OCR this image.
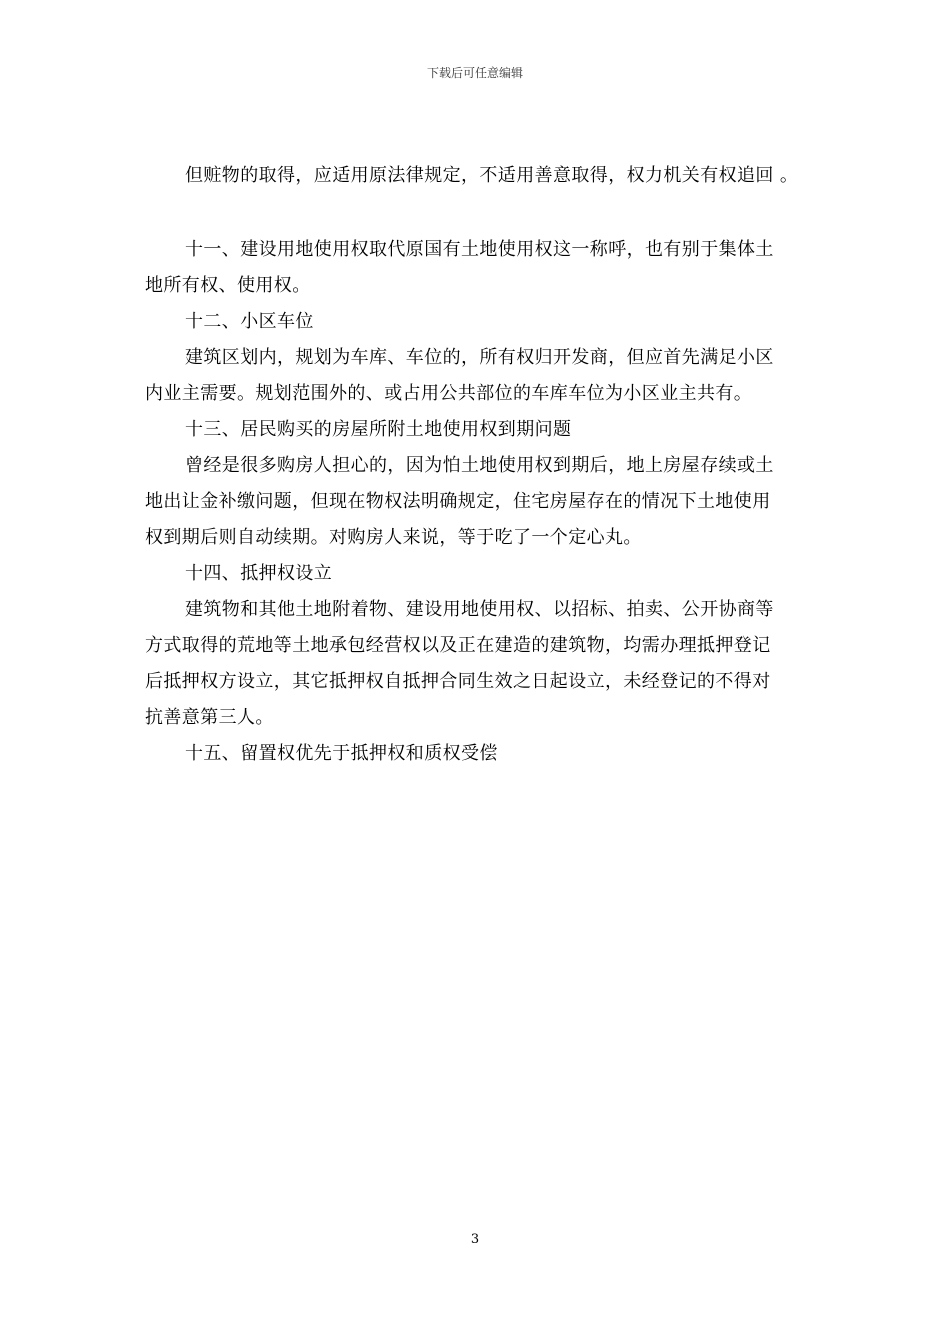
下载后可任意编辑

但赃物的取得，应适用原法律规定，不适用善意取得，权力机关有权追回 。

十一、建设用地使用权取代原国有土地使用权这一称呼，也有别于集体土

地所有权、使用权。

十二、小区车位

建筑区划内，规划为车库、车位的，所有权归开发商，但应首先满足小区

内业主需要。规划范围外的、或占用公共部位的车库车位为小区业主共有。

十三、居民购买的房屋所附土地使用权到期问题

曾经是很多购房人担心的，因为怕土地使用权到期后，地上房屋存续或土

地出让金补缴问题，但现在物权法明确规定，住宅房屋存在的情况下土地使用

权到期后则自动续期。对购房人来说，等于吃了一个定心丸。

十四、抵押权设立

建筑物和其他土地附着物、建设用地使用权、以招标、拍卖、公开协商等

方式取得的荒地等土地承包经营权以及正在建造的建筑物，均需办理抵押登记

后抵押权方设立，其它抵押权自抵押合同生效之日起设立，未经登记的不得对

抗善意第三人。

十五、留置权优先于抵押权和质权受偿

3
